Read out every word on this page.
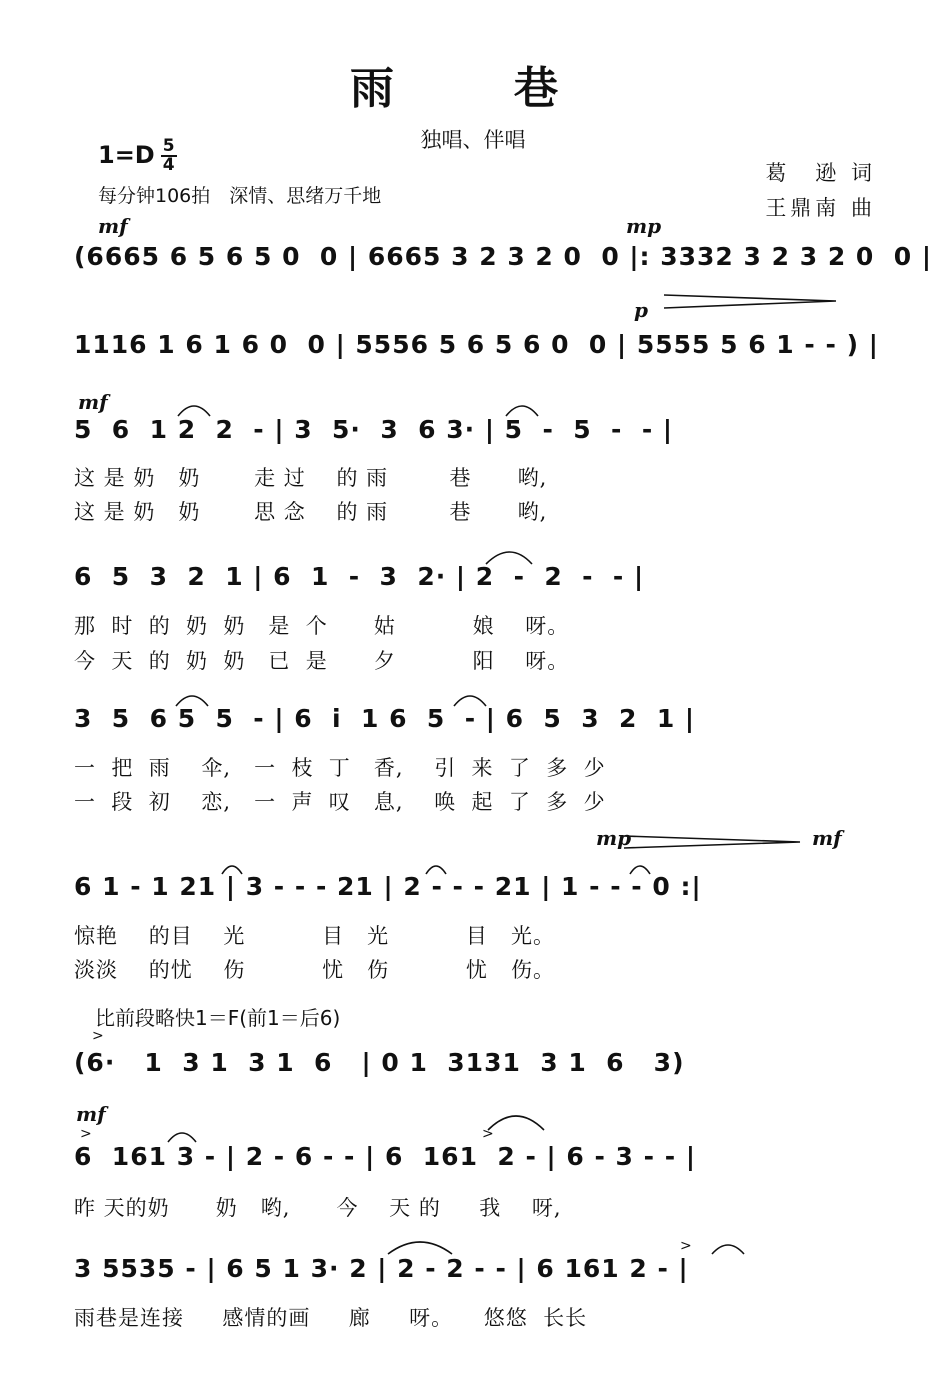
雨　巷
独唱、伴唱
$1=D \frac{5}{4}$
每分钟106拍　深情、思绪万千地
葛　逊 词
王鼎南 曲
mf	mp
p
mf
mp	mf
mf
(6665 6 5 6 5 0  0 | 6665 3 2 3 2 0  0 |: 3332 3 2 3 2 0  0 |
1116 1 6 1 6 0  0 | 5556 5 6 5 6 0  0 | 5555 5 6 1 - - ) |
5  6  1 2  2  - | 3  5·  3  6 3· | 5  -  5  -  - |
这 是 奶   奶       走 过    的 雨        巷      哟,
这 是 奶   奶       思 念    的 雨        巷      哟,
6  5  3  2  1 | 6  1  -  3  2· | 2  -  2  -  - |
那  时  的  奶  奶   是  个      姑          娘    呀。
今  天  的  奶  奶   已  是      夕          阳    呀。
3  5  6 5  5  - | 6  i  1 6  5  - | 6  5  3  2  1 |
一  把  雨    伞,   一  枝  丁   香,    引  来  了  多  少
一  段  初    恋,   一  声  叹   息,    唤  起  了  多  少
6 1 - 1 21 | 3 - - - 21 | 2 - - - 21 | 1 - - - 0 :|
惊艳    的目    光          目   光          目   光。
淡淡    的忧    伤          忧   伤          忧   伤。
比前段略快1＝F(前1＝后6)
(6·   1  3 1  3 1  6   | 0 1  3131  3 1  6   3)
6  161 3 - | 2 - 6 - - | 6  161  2 - | 6 - 3 - - |
昨 天的奶      奶   哟,      今    天 的     我    呀,
3 5535 - | 6 5 1 3· 2 | 2 - 2 - - | 6 161 2 - |
雨巷是连接     感情的画     廊     呀。    悠悠  长长
>
>	>
>
